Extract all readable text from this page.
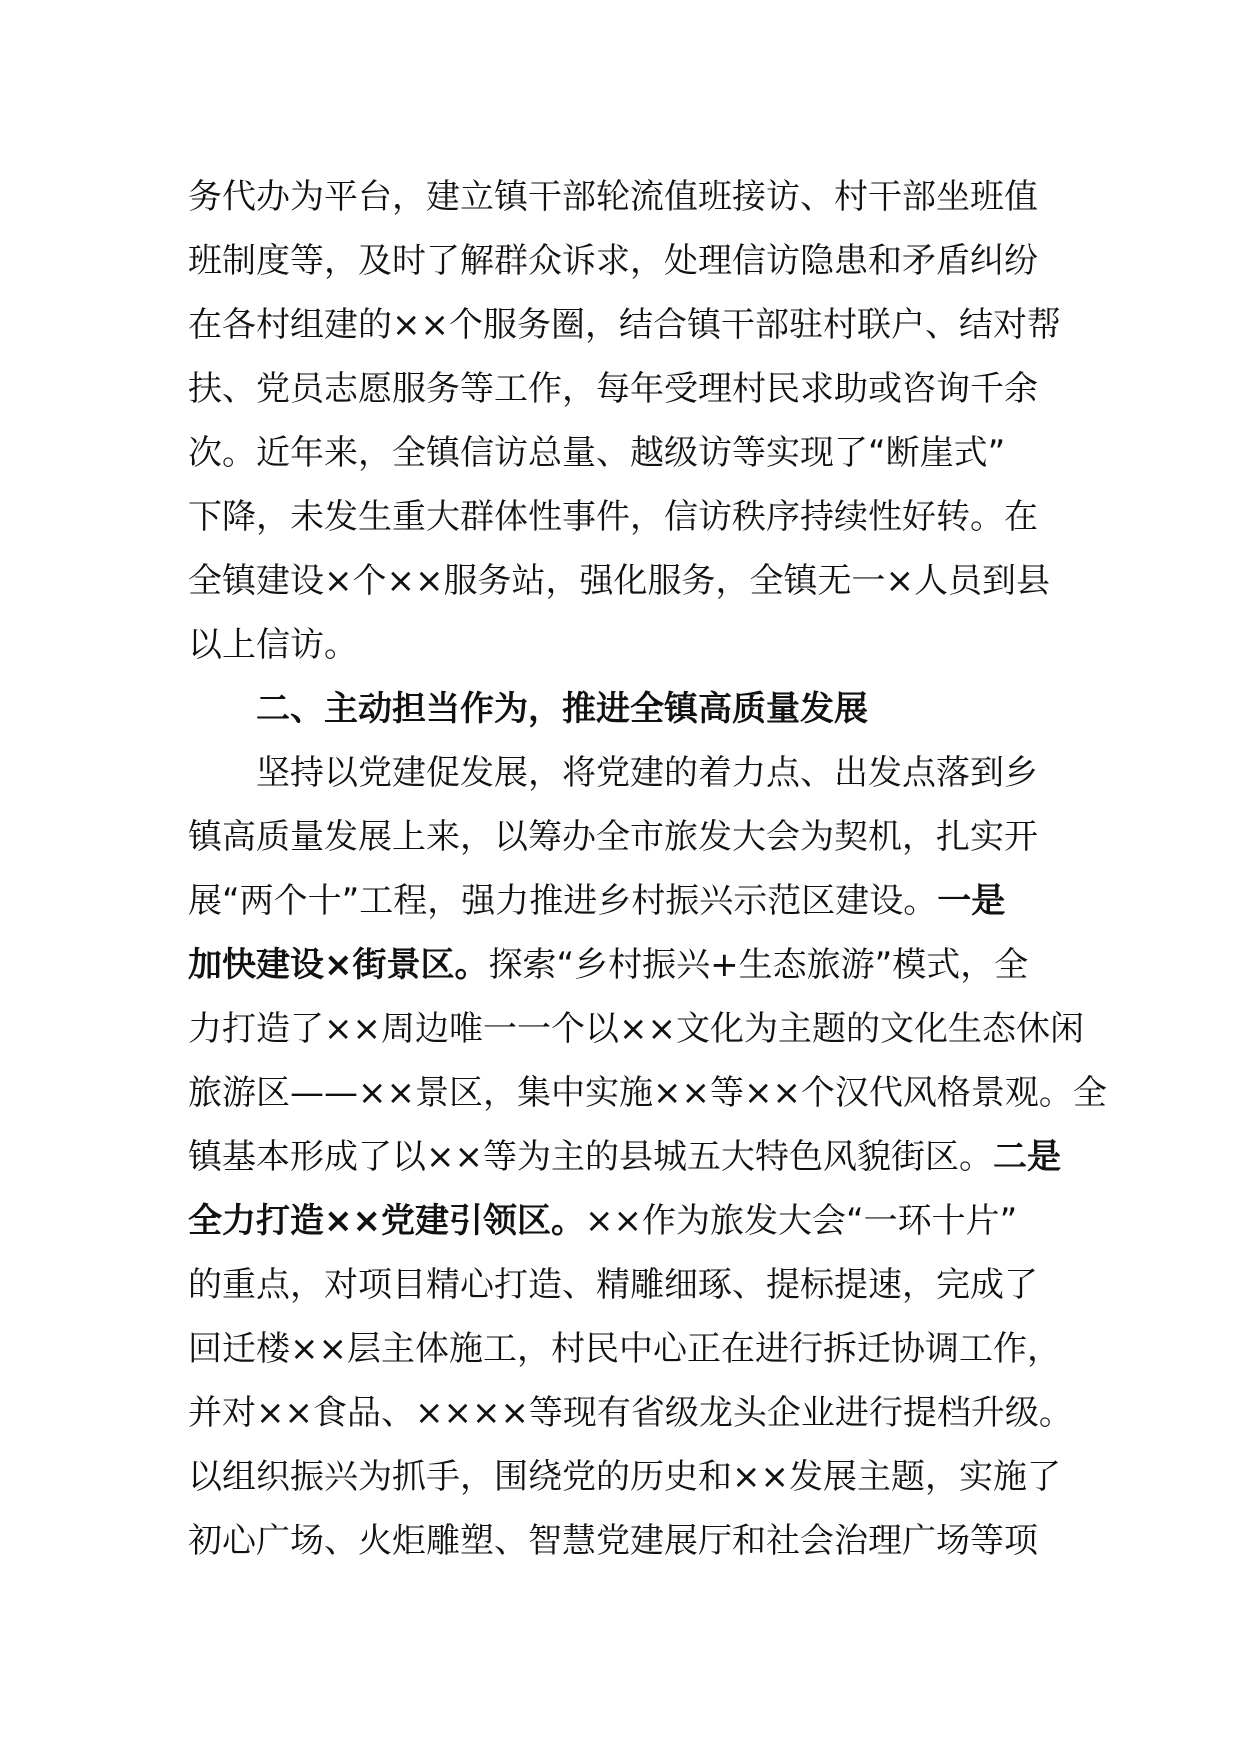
务代办为平台，建立镇干部轮流值班接访、村干部坐班值
班制度等，及时了解群众诉求，处理信访隐患和矛盾纠纷
在各村组建的××个服务圈，结合镇干部驻村联户、结对帮
扶、党员志愿服务等工作，每年受理村民求助或咨询千余
次。近年来，全镇信访总量、越级访等实现了“断崖式”
下降，未发生重大群体性事件，信访秩序持续性好转。在
全镇建设×个××服务站，强化服务，全镇无一×人员到县
以上信访。
二、主动担当作为，推进全镇高质量发展
坚持以党建促发展，将党建的着力点、出发点落到乡
镇高质量发展上来，以筹办全市旅发大会为契机，扎实开
展“两个十”工程，强力推进乡村振兴示范区建设。一是
加快建设×街景区。探索“乡村振兴+生态旅游”模式，全
力打造了××周边唯一一个以××文化为主题的文化生态休闲
旅游区——××景区，集中实施××等××个汉代风格景观。全
镇基本形成了以××等为主的县城五大特色风貌街区。二是
全力打造××党建引领区。××作为旅发大会“一环十片”
的重点，对项目精心打造、精雕细琢、提标提速，完成了
回迁楼××层主体施工，村民中心正在进行拆迁协调工作，
并对××食品、××××等现有省级龙头企业进行提档升级。
以组织振兴为抓手，围绕党的历史和××发展主题，实施了
初心广场、火炬雕塑、智慧党建展厅和社会治理广场等项
